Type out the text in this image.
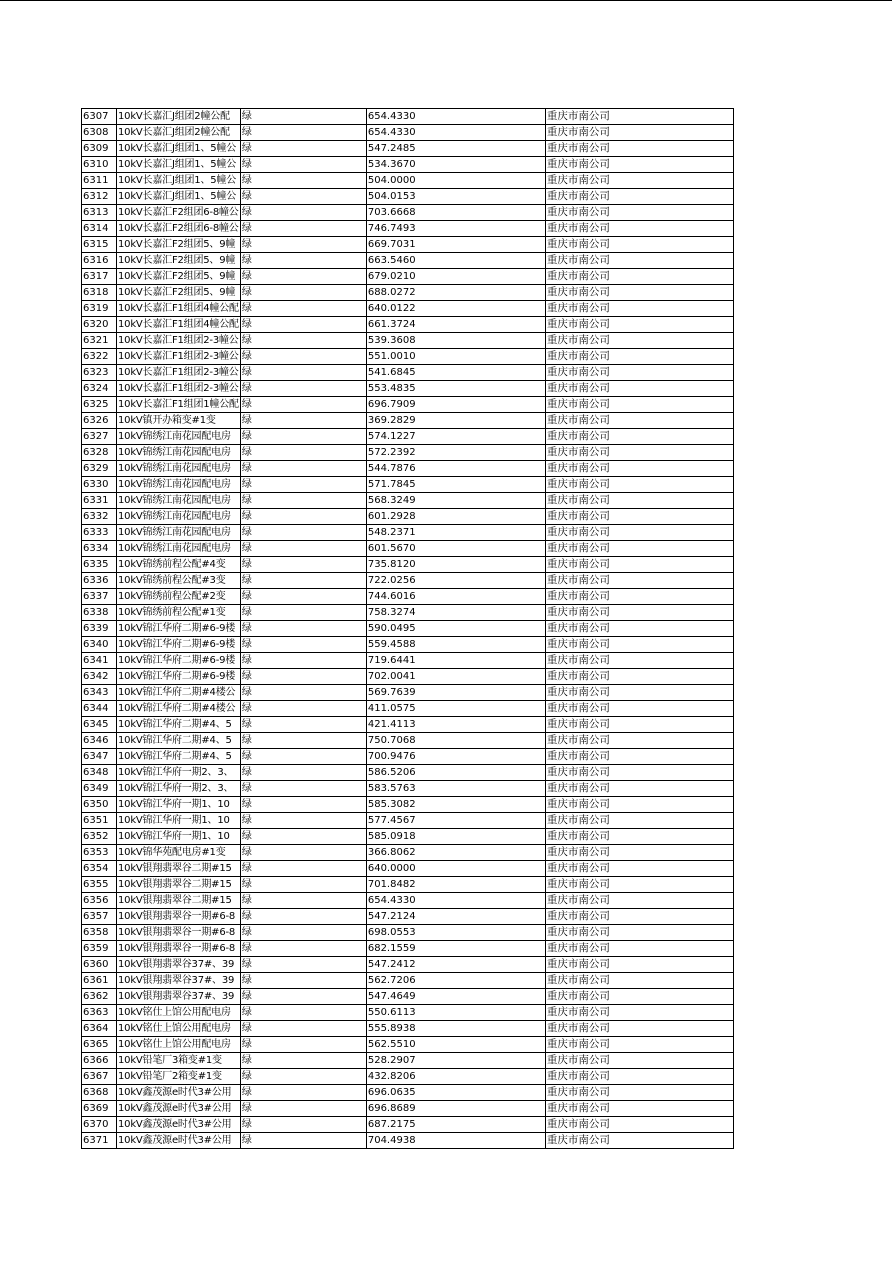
6307	10kV长嘉汇J组团2幢公配	绿	654.4330	重庆市南公司
6308	10kV长嘉汇J组团2幢公配	绿	654.4330	重庆市南公司
6309	10kV长嘉汇J组团1、5幢公	绿	547.2485	重庆市南公司
6310	10kV长嘉汇J组团1、5幢公	绿	534.3670	重庆市南公司
6311	10kV长嘉汇J组团1、5幢公	绿	504.0000	重庆市南公司
6312	10kV长嘉汇J组团1、5幢公	绿	504.0153	重庆市南公司
6313	10kV长嘉汇F2组团6-8幢公	绿	703.6668	重庆市南公司
6314	10kV长嘉汇F2组团6-8幢公	绿	746.7493	重庆市南公司
6315	10kV长嘉汇F2组团5、9幢	绿	669.7031	重庆市南公司
6316	10kV长嘉汇F2组团5、9幢	绿	663.5460	重庆市南公司
6317	10kV长嘉汇F2组团5、9幢	绿	679.0210	重庆市南公司
6318	10kV长嘉汇F2组团5、9幢	绿	688.0272	重庆市南公司
6319	10kV长嘉汇F1组团4幢公配	绿	640.0122	重庆市南公司
6320	10kV长嘉汇F1组团4幢公配	绿	661.3724	重庆市南公司
6321	10kV长嘉汇F1组团2-3幢公	绿	539.3608	重庆市南公司
6322	10kV长嘉汇F1组团2-3幢公	绿	551.0010	重庆市南公司
6323	10kV长嘉汇F1组团2-3幢公	绿	541.6845	重庆市南公司
6324	10kV长嘉汇F1组团2-3幢公	绿	553.4835	重庆市南公司
6325	10kV长嘉汇F1组团1幢公配	绿	696.7909	重庆市南公司
6326	10kV镇开办箱变#1变	绿	369.2829	重庆市南公司
6327	10kV锦绣江南花园配电房	绿	574.1227	重庆市南公司
6328	10kV锦绣江南花园配电房	绿	572.2392	重庆市南公司
6329	10kV锦绣江南花园配电房	绿	544.7876	重庆市南公司
6330	10kV锦绣江南花园配电房	绿	571.7845	重庆市南公司
6331	10kV锦绣江南花园配电房	绿	568.3249	重庆市南公司
6332	10kV锦绣江南花园配电房	绿	601.2928	重庆市南公司
6333	10kV锦绣江南花园配电房	绿	548.2371	重庆市南公司
6334	10kV锦绣江南花园配电房	绿	601.5670	重庆市南公司
6335	10kV锦绣前程公配#4变	绿	735.8120	重庆市南公司
6336	10kV锦绣前程公配#3变	绿	722.0256	重庆市南公司
6337	10kV锦绣前程公配#2变	绿	744.6016	重庆市南公司
6338	10kV锦绣前程公配#1变	绿	758.3274	重庆市南公司
6339	10kV锦江华府二期#6-9楼	绿	590.0495	重庆市南公司
6340	10kV锦江华府二期#6-9楼	绿	559.4588	重庆市南公司
6341	10kV锦江华府二期#6-9楼	绿	719.6441	重庆市南公司
6342	10kV锦江华府二期#6-9楼	绿	702.0041	重庆市南公司
6343	10kV锦江华府二期#4楼公	绿	569.7639	重庆市南公司
6344	10kV锦江华府二期#4楼公	绿	411.0575	重庆市南公司
6345	10kV锦江华府二期#4、5	绿	421.4113	重庆市南公司
6346	10kV锦江华府二期#4、5	绿	750.7068	重庆市南公司
6347	10kV锦江华府二期#4、5	绿	700.9476	重庆市南公司
6348	10kV锦江华府一期2、3、	绿	586.5206	重庆市南公司
6349	10kV锦江华府一期2、3、	绿	583.5763	重庆市南公司
6350	10kV锦江华府一期1、10	绿	585.3082	重庆市南公司
6351	10kV锦江华府一期1、10	绿	577.4567	重庆市南公司
6352	10kV锦江华府一期1、10	绿	585.0918	重庆市南公司
6353	10kV锦华苑配电房#1变	绿	366.8062	重庆市南公司
6354	10kV银翔翡翠谷二期#15	绿	640.0000	重庆市南公司
6355	10kV银翔翡翠谷二期#15	绿	701.8482	重庆市南公司
6356	10kV银翔翡翠谷二期#15	绿	654.4330	重庆市南公司
6357	10kV银翔翡翠谷一期#6-8	绿	547.2124	重庆市南公司
6358	10kV银翔翡翠谷一期#6-8	绿	698.0553	重庆市南公司
6359	10kV银翔翡翠谷一期#6-8	绿	682.1559	重庆市南公司
6360	10kV银翔翡翠谷37#、39	绿	547.2412	重庆市南公司
6361	10kV银翔翡翠谷37#、39	绿	562.7206	重庆市南公司
6362	10kV银翔翡翠谷37#、39	绿	547.4649	重庆市南公司
6363	10kV铭仕上馆公用配电房	绿	550.6113	重庆市南公司
6364	10kV铭仕上馆公用配电房	绿	555.8938	重庆市南公司
6365	10kV铭仕上馆公用配电房	绿	562.5510	重庆市南公司
6366	10kV铅笔厂3箱变#1变	绿	528.2907	重庆市南公司
6367	10kV铅笔厂2箱变#1变	绿	432.8206	重庆市南公司
6368	10kV鑫茂源e时代3#公用	绿	696.0635	重庆市南公司
6369	10kV鑫茂源e时代3#公用	绿	696.8689	重庆市南公司
6370	10kV鑫茂源e时代3#公用	绿	687.2175	重庆市南公司
6371	10kV鑫茂源e时代3#公用	绿	704.4938	重庆市南公司
